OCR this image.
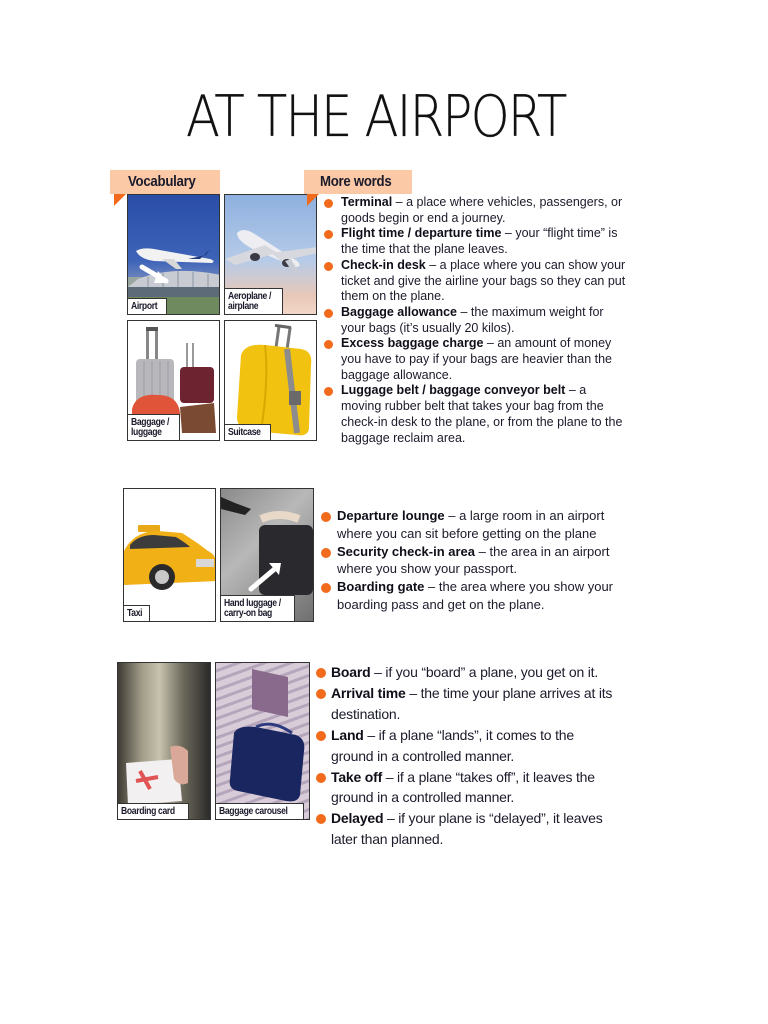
AT THE AIRPORT
Vocabulary	More words
Airport
Aeroplane /
airplane
Baggage /
luggage	Suitcase
Terminal – a place where vehicles, passengers, or goods begin or end a journey.
Flight time / departure time – your “flight time” is the time that the plane leaves.
Check-in desk – a place where you can show your ticket and give the airline your bags so they can put them on the plane.
Baggage allowance – the maximum weight for your bags (it’s usually 20 kilos).
Excess baggage charge – an amount of money you have to pay if your bags are heavier than the baggage allowance.
Luggage belt / baggage conveyor belt – a moving rubber belt that takes your bag from the check-in desk to the plane, or from the plane to the baggage reclaim area.
Taxi
Hand luggage /
carry-on bag
Departure lounge – a large room in an airport where you can sit before getting on the plane
Security check-in area – the area in an airport where you show your passport.
Boarding gate – the area where you show your boarding pass and get on the plane.
Boarding card	Baggage carousel
Board – if you “board” a plane, you get on it.
Arrival time – the time your plane arrives at its destination.
Land – if a plane “lands”, it comes to the ground in a controlled manner.
Take off – if a plane “takes off”, it leaves the ground in a controlled manner.
Delayed – if your plane is “delayed”, it leaves later than planned.
